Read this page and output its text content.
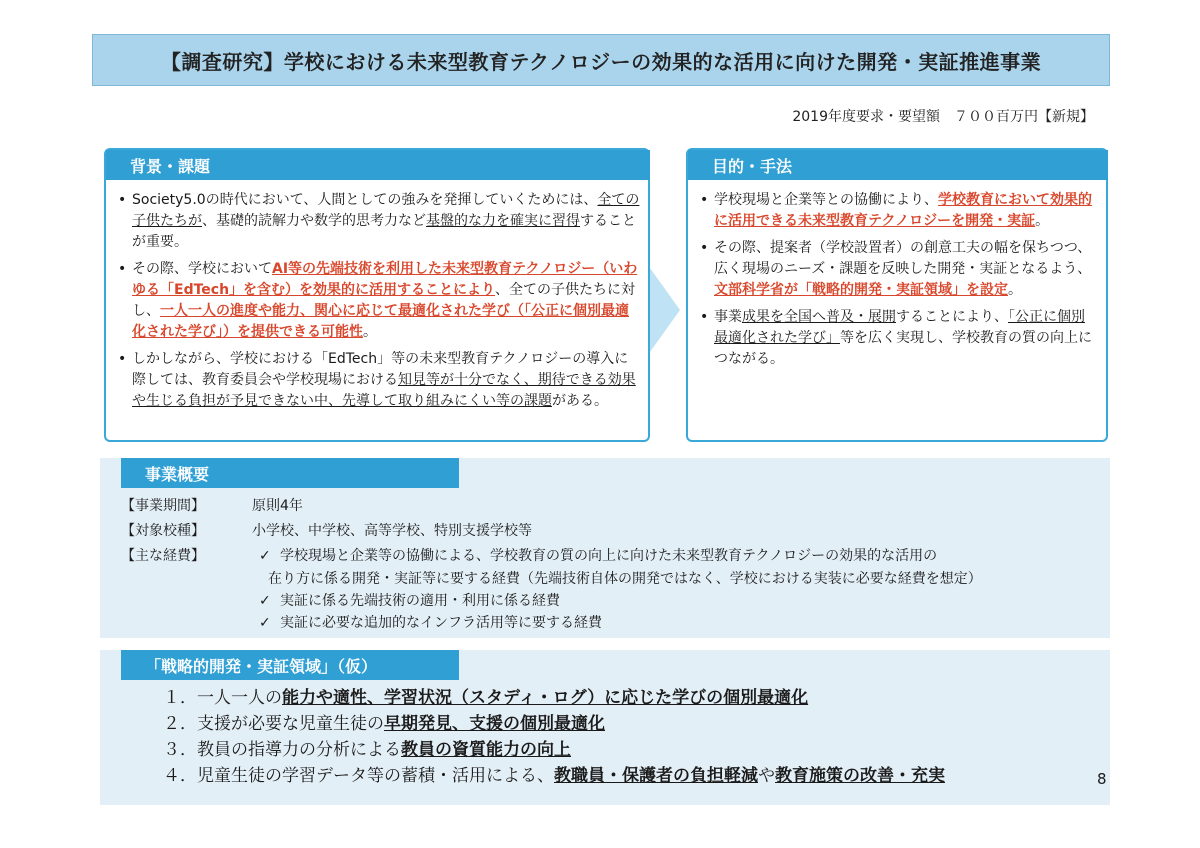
【調査研究】学校における未来型教育テクノロジーの効果的な活用に向けた開発・実証推進事業
2019年度要求・要望額　７００百万円【新規】
背景・課題
• Society5.0の時代において、人間としての強みを発揮していくためには、全ての子供たちが、基礎的読解力や数学的思考力など基盤的な力を確実に習得することが重要。
• その際、学校においてAI等の先端技術を利用した未来型教育テクノロジー（いわゆる「EdTech」を含む）を効果的に活用することにより、全ての子供たちに対し、一人一人の進度や能力、関心に応じて最適化された学び（「公正に個別最適化された学び」）を提供できる可能性。
• しかしながら、学校における「EdTech」等の未来型教育テクノロジーの導入に際しては、教育委員会や学校現場における知見等が十分でなく、期待できる効果や生じる負担が予見できない中、先導して取り組みにくい等の課題がある。
目的・手法
• 学校現場と企業等との協働により、学校教育において効果的に活用できる未来型教育テクノロジーを開発・実証。
• その際、提案者（学校設置者）の創意工夫の幅を保ちつつ、広く現場のニーズ・課題を反映した開発・実証となるよう、文部科学省が「戦略的開発・実証領域」を設定。
• 事業成果を全国へ普及・展開することにより、「公正に個別最適化された学び」等を広く実現し、学校教育の質の向上につながる。
事業概要
【事業期間】	原則4年
【対象校種】	小学校、中学校、高等学校、特別支援学校等
【主な経費】	✓ 学校現場と企業等の協働による、学校教育の質の向上に向けた未来型教育テクノロジーの効果的な活用の
在り方に係る開発・実証等に要する経費（先端技術自体の開発ではなく、学校における実装に必要な経費を想定）
✓ 実証に係る先端技術の適用・利用に係る経費
✓ 実証に必要な追加的なインフラ活用等に要する経費
「戦略的開発・実証領域」（仮）
１．一人一人の能力や適性、学習状況（スタディ・ログ）に応じた学びの個別最適化
２．支援が必要な児童生徒の早期発見、支援の個別最適化
３．教員の指導力の分析による教員の資質能力の向上
４．児童生徒の学習データ等の蓄積・活用による、教職員・保護者の負担軽減や教育施策の改善・充実	8
